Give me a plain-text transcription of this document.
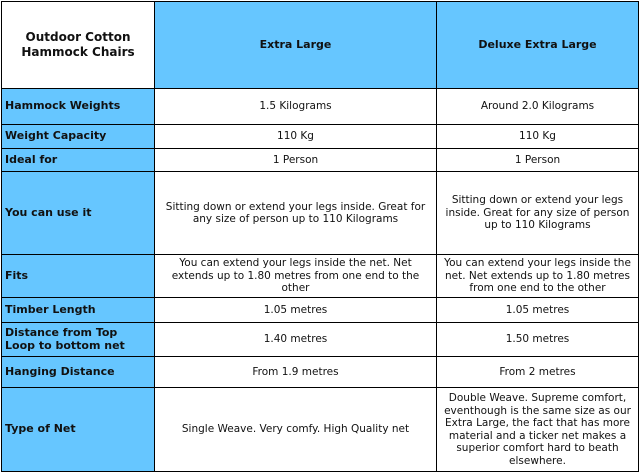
Outdoor Cotton
Hammock Chairs	Extra Large	Deluxe Extra Large
Hammock Weights	1.5 Kilograms	Around 2.0 Kilograms
Weight Capacity	110 Kg	110 Kg
Ideal for	1 Person	1 Person
You can use it	Sitting down or extend your legs inside. Great for any size of person up to 110 Kilograms	Sitting down or extend your legs inside. Great for any size of person up to 110 Kilograms
Fits	You can extend your legs inside the net. Net extends up to 1.80 metres from one end to the other	You can extend your legs inside the net. Net extends up to 1.80 metres from one end to the other
Timber Length	1.05 metres	1.05 metres
Distance from Top Loop to bottom net	1.40 metres	1.50 metres
Hanging Distance	From 1.9 metres	From 2 metres
Type of Net	Single Weave. Very comfy. High Quality net	Double Weave. Supreme comfort, eventhough is the same size as our Extra Large, the fact that has more material and a ticker net makes a superior comfort hard to beath elsewhere.
